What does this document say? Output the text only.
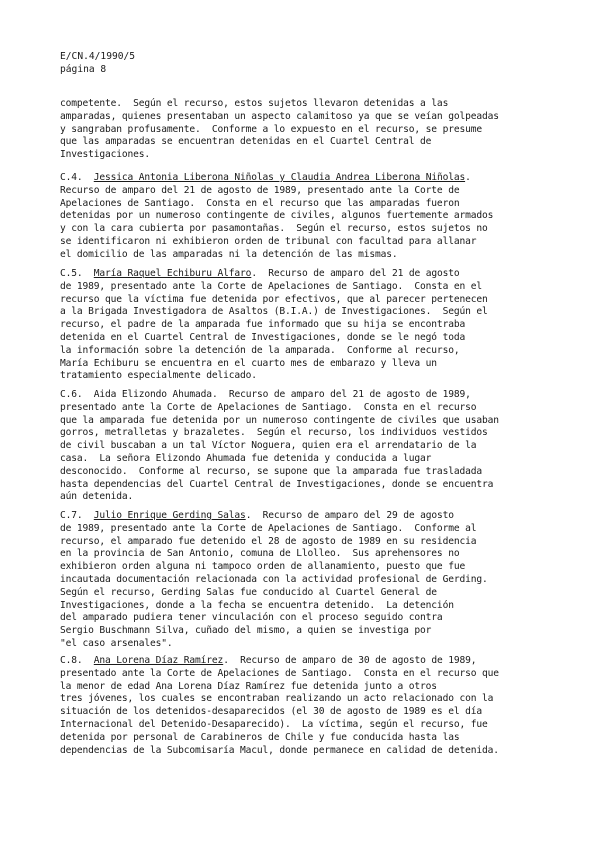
E/CN.4/1990/5
página 8
competente.  Según el recurso, estos sujetos llevaron detenidas a las
amparadas, quienes presentaban un aspecto calamitoso ya que se veían golpeadas
y sangraban profusamente.  Conforme a lo expuesto en el recurso, se presume
que las amparadas se encuentran detenidas en el Cuartel Central de
Investigaciones.
C.4. Jessica Antonia Liberona Niñolas y Claudia Andrea Liberona Niñolas.
Recurso de amparo del 21 de agosto de 1989, presentado ante la Corte de
Apelaciones de Santiago.  Consta en el recurso que las amparadas fueron
detenidas por un numeroso contingente de civiles, algunos fuertemente armados
y con la cara cubierta por pasamontañas.  Según el recurso, estos sujetos no
se identificaron ni exhibieron orden de tribunal con facultad para allanar
el domicilio de las amparadas ni la detención de las mismas.
C.5. María Raquel Echiburu Alfaro.  Recurso de amparo del 21 de agosto
de 1989, presentado ante la Corte de Apelaciones de Santiago.  Consta en el
recurso que la víctima fue detenida por efectivos, que al parecer pertenecen
a la Brigada Investigadora de Asaltos (B.I.A.) de Investigaciones.  Según el
recurso, el padre de la amparada fue informado que su hija se encontraba
detenida en el Cuartel Central de Investigaciones, donde se le negó toda
la información sobre la detención de la amparada.  Conforme al recurso,
María Echiburu se encuentra en el cuarto mes de embarazo y lleva un
tratamiento especialmente delicado.
C.6. Aida Elizondo Ahumada.  Recurso de amparo del 21 de agosto de 1989,
presentado ante la Corte de Apelaciones de Santiago.  Consta en el recurso
que la amparada fue detenida por un numeroso contingente de civiles que usaban
gorros, metralletas y brazaletes.  Según el recurso, los individuos vestidos
de civil buscaban a un tal Víctor Noguera, quien era el arrendatario de la
casa.  La señora Elizondo Ahumada fue detenida y conducida a lugar
desconocido.  Conforme al recurso, se supone que la amparada fue trasladada
hasta dependencias del Cuartel Central de Investigaciones, donde se encuentra
aún detenida.
C.7. Julio Enrique Gerding Salas.  Recurso de amparo del 29 de agosto
de 1989, presentado ante la Corte de Apelaciones de Santiago.  Conforme al
recurso, el amparado fue detenido el 28 de agosto de 1989 en su residencia
en la provincia de San Antonio, comuna de Llolleo.  Sus aprehensores no
exhibieron orden alguna ni tampoco orden de allanamiento, puesto que fue
incautada documentación relacionada con la actividad profesional de Gerding.
Según el recurso, Gerding Salas fue conducido al Cuartel General de
Investigaciones, donde a la fecha se encuentra detenido.  La detención
del amparado pudiera tener vinculación con el proceso seguido contra
Sergio Buschmann Silva, cuñado del mismo, a quien se investiga por
"el caso arsenales".
C.8. Ana Lorena Díaz Ramírez.  Recurso de amparo de 30 de agosto de 1989,
presentado ante la Corte de Apelaciones de Santiago.  Consta en el recurso que
la menor de edad Ana Lorena Díaz Ramírez fue detenida junto a otros
tres jóvenes, los cuales se encontraban realizando un acto relacionado con la
situación de los detenidos-desaparecidos (el 30 de agosto de 1989 es el día
Internacional del Detenido-Desaparecido).  La víctima, según el recurso, fue
detenida por personal de Carabineros de Chile y fue conducida hasta las
dependencias de la Subcomisaría Macul, donde permanece en calidad de detenida.
